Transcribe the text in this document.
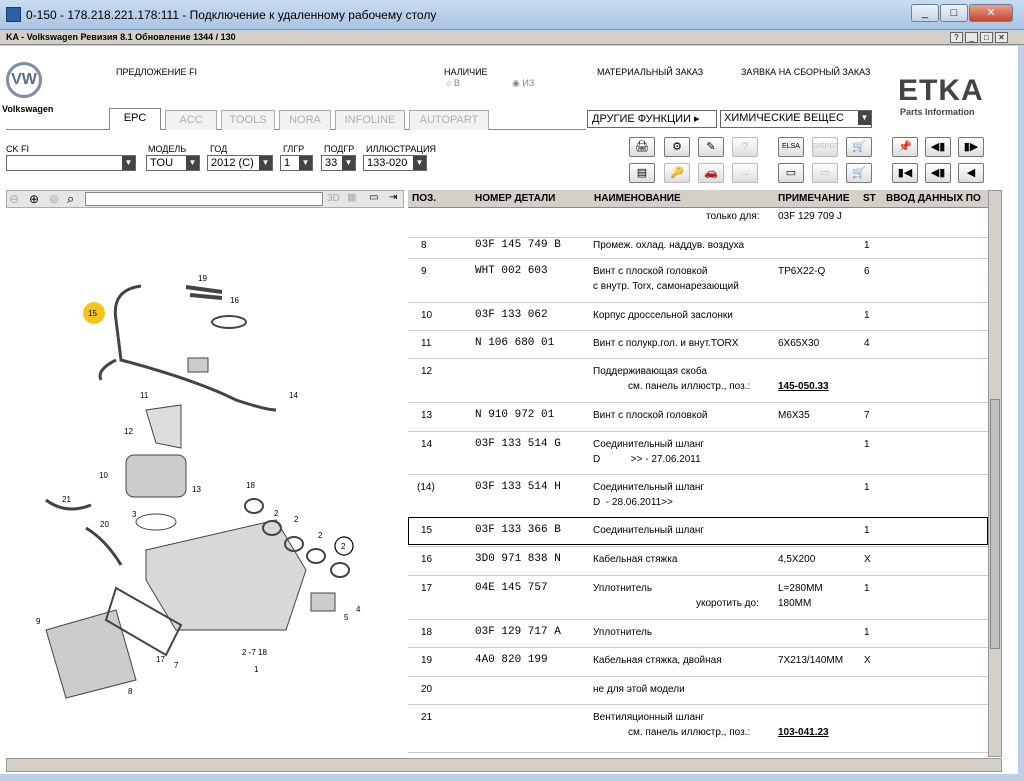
0-150 - 178.218.221.178:111 - Подключение к удаленному рабочему столу	_	□	✕
KA - Volkswagen Ревизия 8.1 Обновление 1344 / 130	?	_	□	✕
VW
Volkswagen
ПРЕДЛОЖЕНИЕ FI	НАЛИЧИЕ
○ В	◉ ИЗ
МАТЕРИАЛЬНЫЙ ЗАКАЗ	ЗАЯВКА НА СБОРНЫЙ ЗАКАЗ
ETKA
Parts Information
EPC	ACC	TOOLS	NORA	INFOLINE	AUTOPART	ДРУГИЕ ФУНКЦИИ ▸	ХИМИЧЕСКИЕ ВЕЩЕС	▼
CK FI
▼
МОДЕЛЬ
TOU	▼
ГОД
2012 (C) ▼
ГЛГР
1	▼
ПОДГР
33 ▼
ИЛЛЮСТРАЦИЯ
133-020	▼
🖨	⚙	✎	?	ELSA	DISPOT	🛒	📌	◀▮	▮▶
▤	🔑	🚗	→	▭	▭	🛒	▮◀	◀▮	◀
⊖ ⊕ ⊚ ⌕	3D ▦ ▭ ⇥
15
19
16
11	14
12
10
13	18
21
3
20
2
2
2
2
7
8
9
17
4
5
1
2 -7 18
ПОЗ.	НОМЕР ДЕТАЛИ	НАИМЕНОВАНИЕ	ПРИМЕЧАНИЕ ST ВВОД ДАННЫХ ПО
только для: 03F 129 709 J
8	03F 145 749 B	Промеж. охлад. наддув. воздуха	1
9	WHT 002 603	Винт с плоской головкой
с внутр. Torx, самонарезающий
TP6X22-Q	6
10	03F 133 062	Корпус дроссельной заслонки	1
11	N 106 680 01	Винт с полукр.гол. и внут.TORX	6X65X30	4
12	Поддерживающая скоба
см. панель иллюстр., поз.:	145-050.33
13	N 910 972 01	Винт с плоской головкой	M6X35	7
14	03F 133 514 G	Соединительный шланг
D           >> - 27.06.2011
1
(14)	03F 133 514 H	Соединительный шланг
D  - 28.06.2011>>
1
15	03F 133 366 B	Соединительный шланг	1
16	3D0 971 838 N	Кабельная стяжка	4,5X200	X
17	04E 145 757	Уплотнитель
укоротить до:
L=280MM
180MM
1
18	03F 129 717 A	Уплотнитель	1
19	4A0 820 199	Кабельная стяжка, двойная	7X213/140MM X
20	не для этой модели
21	Вентиляционный шланг
см. панель иллюстр., поз.:	103-041.23
